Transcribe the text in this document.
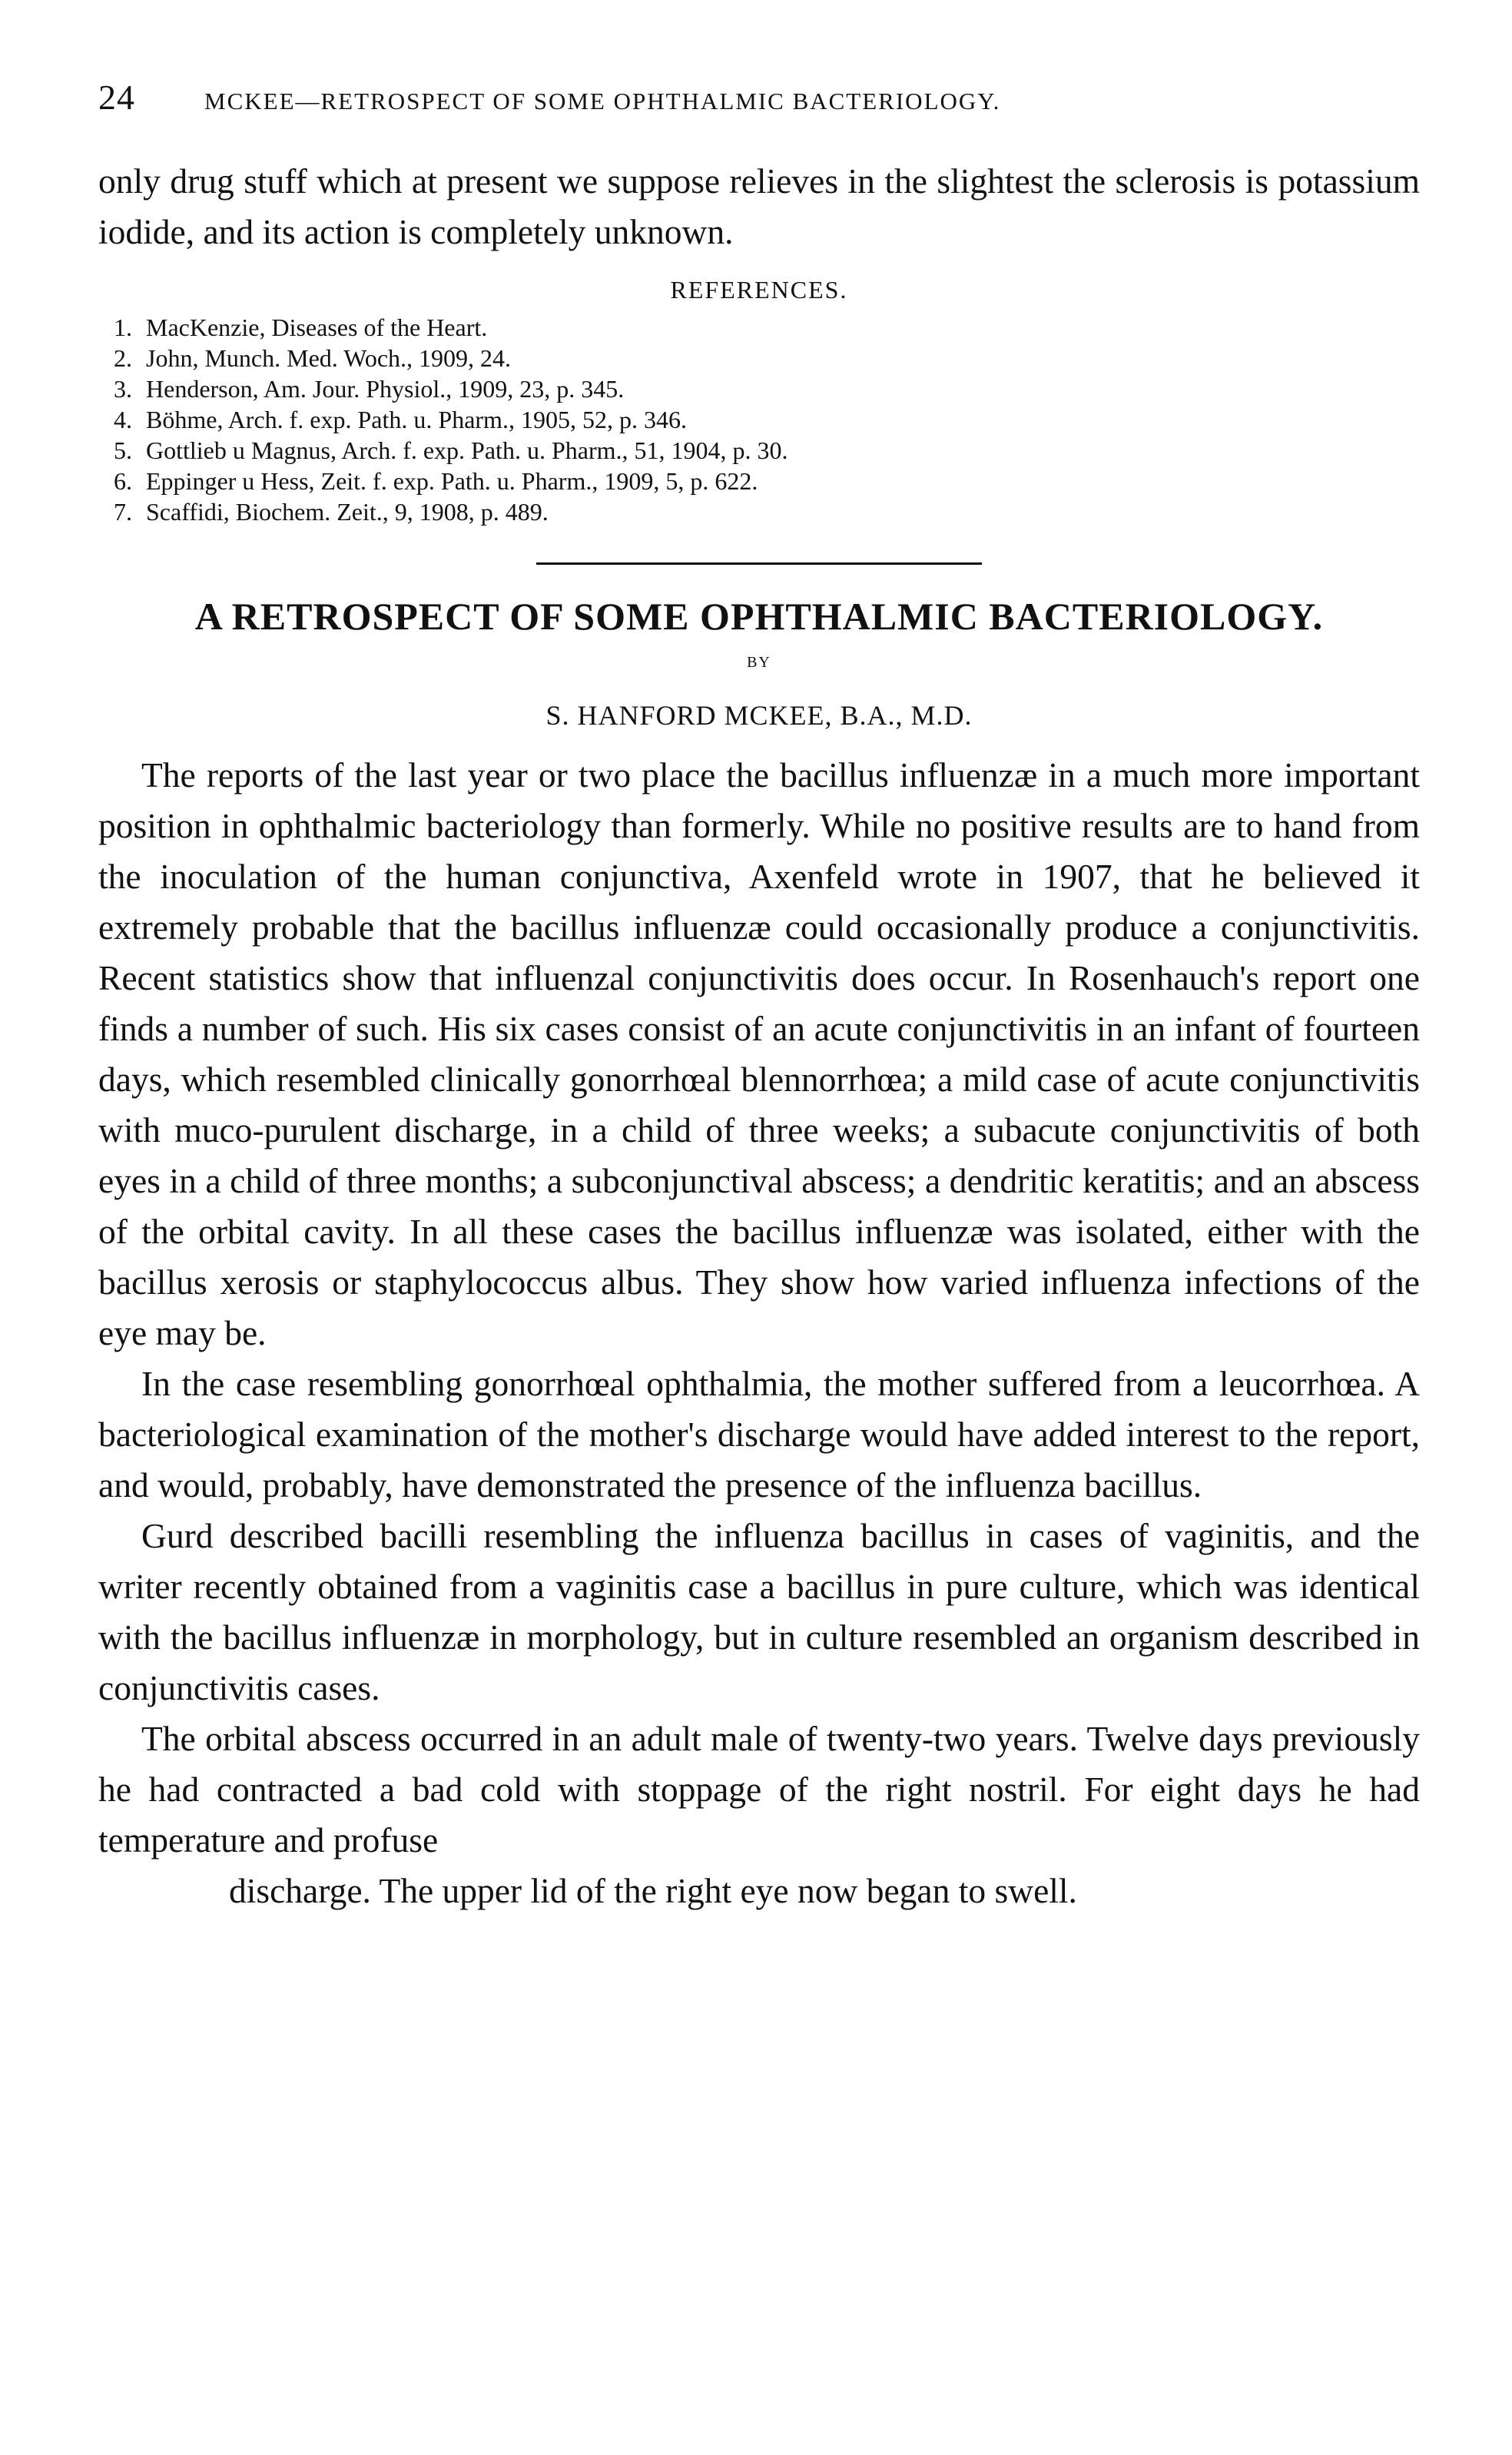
24	MCKEE—RETROSPECT OF SOME OPHTHALMIC BACTERIOLOGY.

only drug stuff which at present we suppose relieves in the slightest the sclerosis is potassium iodide, and its action is completely unknown.

REFERENCES.
1. MacKenzie, Diseases of the Heart.
2. John, Munch. Med. Woch., 1909, 24.
3. Henderson, Am. Jour. Physiol., 1909, 23, p. 345.
4. Böhme, Arch. f. exp. Path. u. Pharm., 1905, 52, p. 346.
5. Gottlieb u Magnus, Arch. f. exp. Path. u. Pharm., 51, 1904, p. 30.
6. Eppinger u Hess, Zeit. f. exp. Path. u. Pharm., 1909, 5, p. 622.
7. Scaffidi, Biochem. Zeit., 9, 1908, p. 489.
A RETROSPECT OF SOME OPHTHALMIC BACTERIOLOGY.
BY
S. HANFORD MCKEE, B.A., M.D.

The reports of the last year or two place the bacillus influenzæ in a much more important position in ophthalmic bacteriology than formerly. While no positive results are to hand from the inoculation of the human conjunctiva, Axenfeld wrote in 1907, that he believed it extremely probable that the bacillus influenzæ could occasionally produce a conjunctivitis. Recent statistics show that influenzal conjunctivitis does occur. In Rosenhauch's report one finds a number of such. His six cases consist of an acute conjunctivitis in an infant of fourteen days, which resembled clinically gonorrhœal blennorrhœa; a mild case of acute conjunctivitis with muco-purulent discharge, in a child of three weeks; a subacute conjunctivitis of both eyes in a child of three months; a subconjunctival abscess; a dendritic keratitis; and an abscess of the orbital cavity. In all these cases the bacillus influenzæ was isolated, either with the bacillus xerosis or staphylococcus albus. They show how varied influenza infections of the eye may be.

In the case resembling gonorrhœal ophthalmia, the mother suffered from a leucorrhœa. A bacteriological examination of the mother's discharge would have added interest to the report, and would, probably, have demonstrated the presence of the influenza bacillus.

Gurd described bacilli resembling the influenza bacillus in cases of vaginitis, and the writer recently obtained from a vaginitis case a bacillus in pure culture, which was identical with the bacillus influenzæ in morphology, but in culture resembled an organism described in conjunctivitis cases.

The orbital abscess occurred in an adult male of twenty-two years. Twelve days previously he had contracted a bad cold with stoppage of the right nostril. For eight days he had temperature and profuse

discharge. The upper lid of the right eye now began to swell.
